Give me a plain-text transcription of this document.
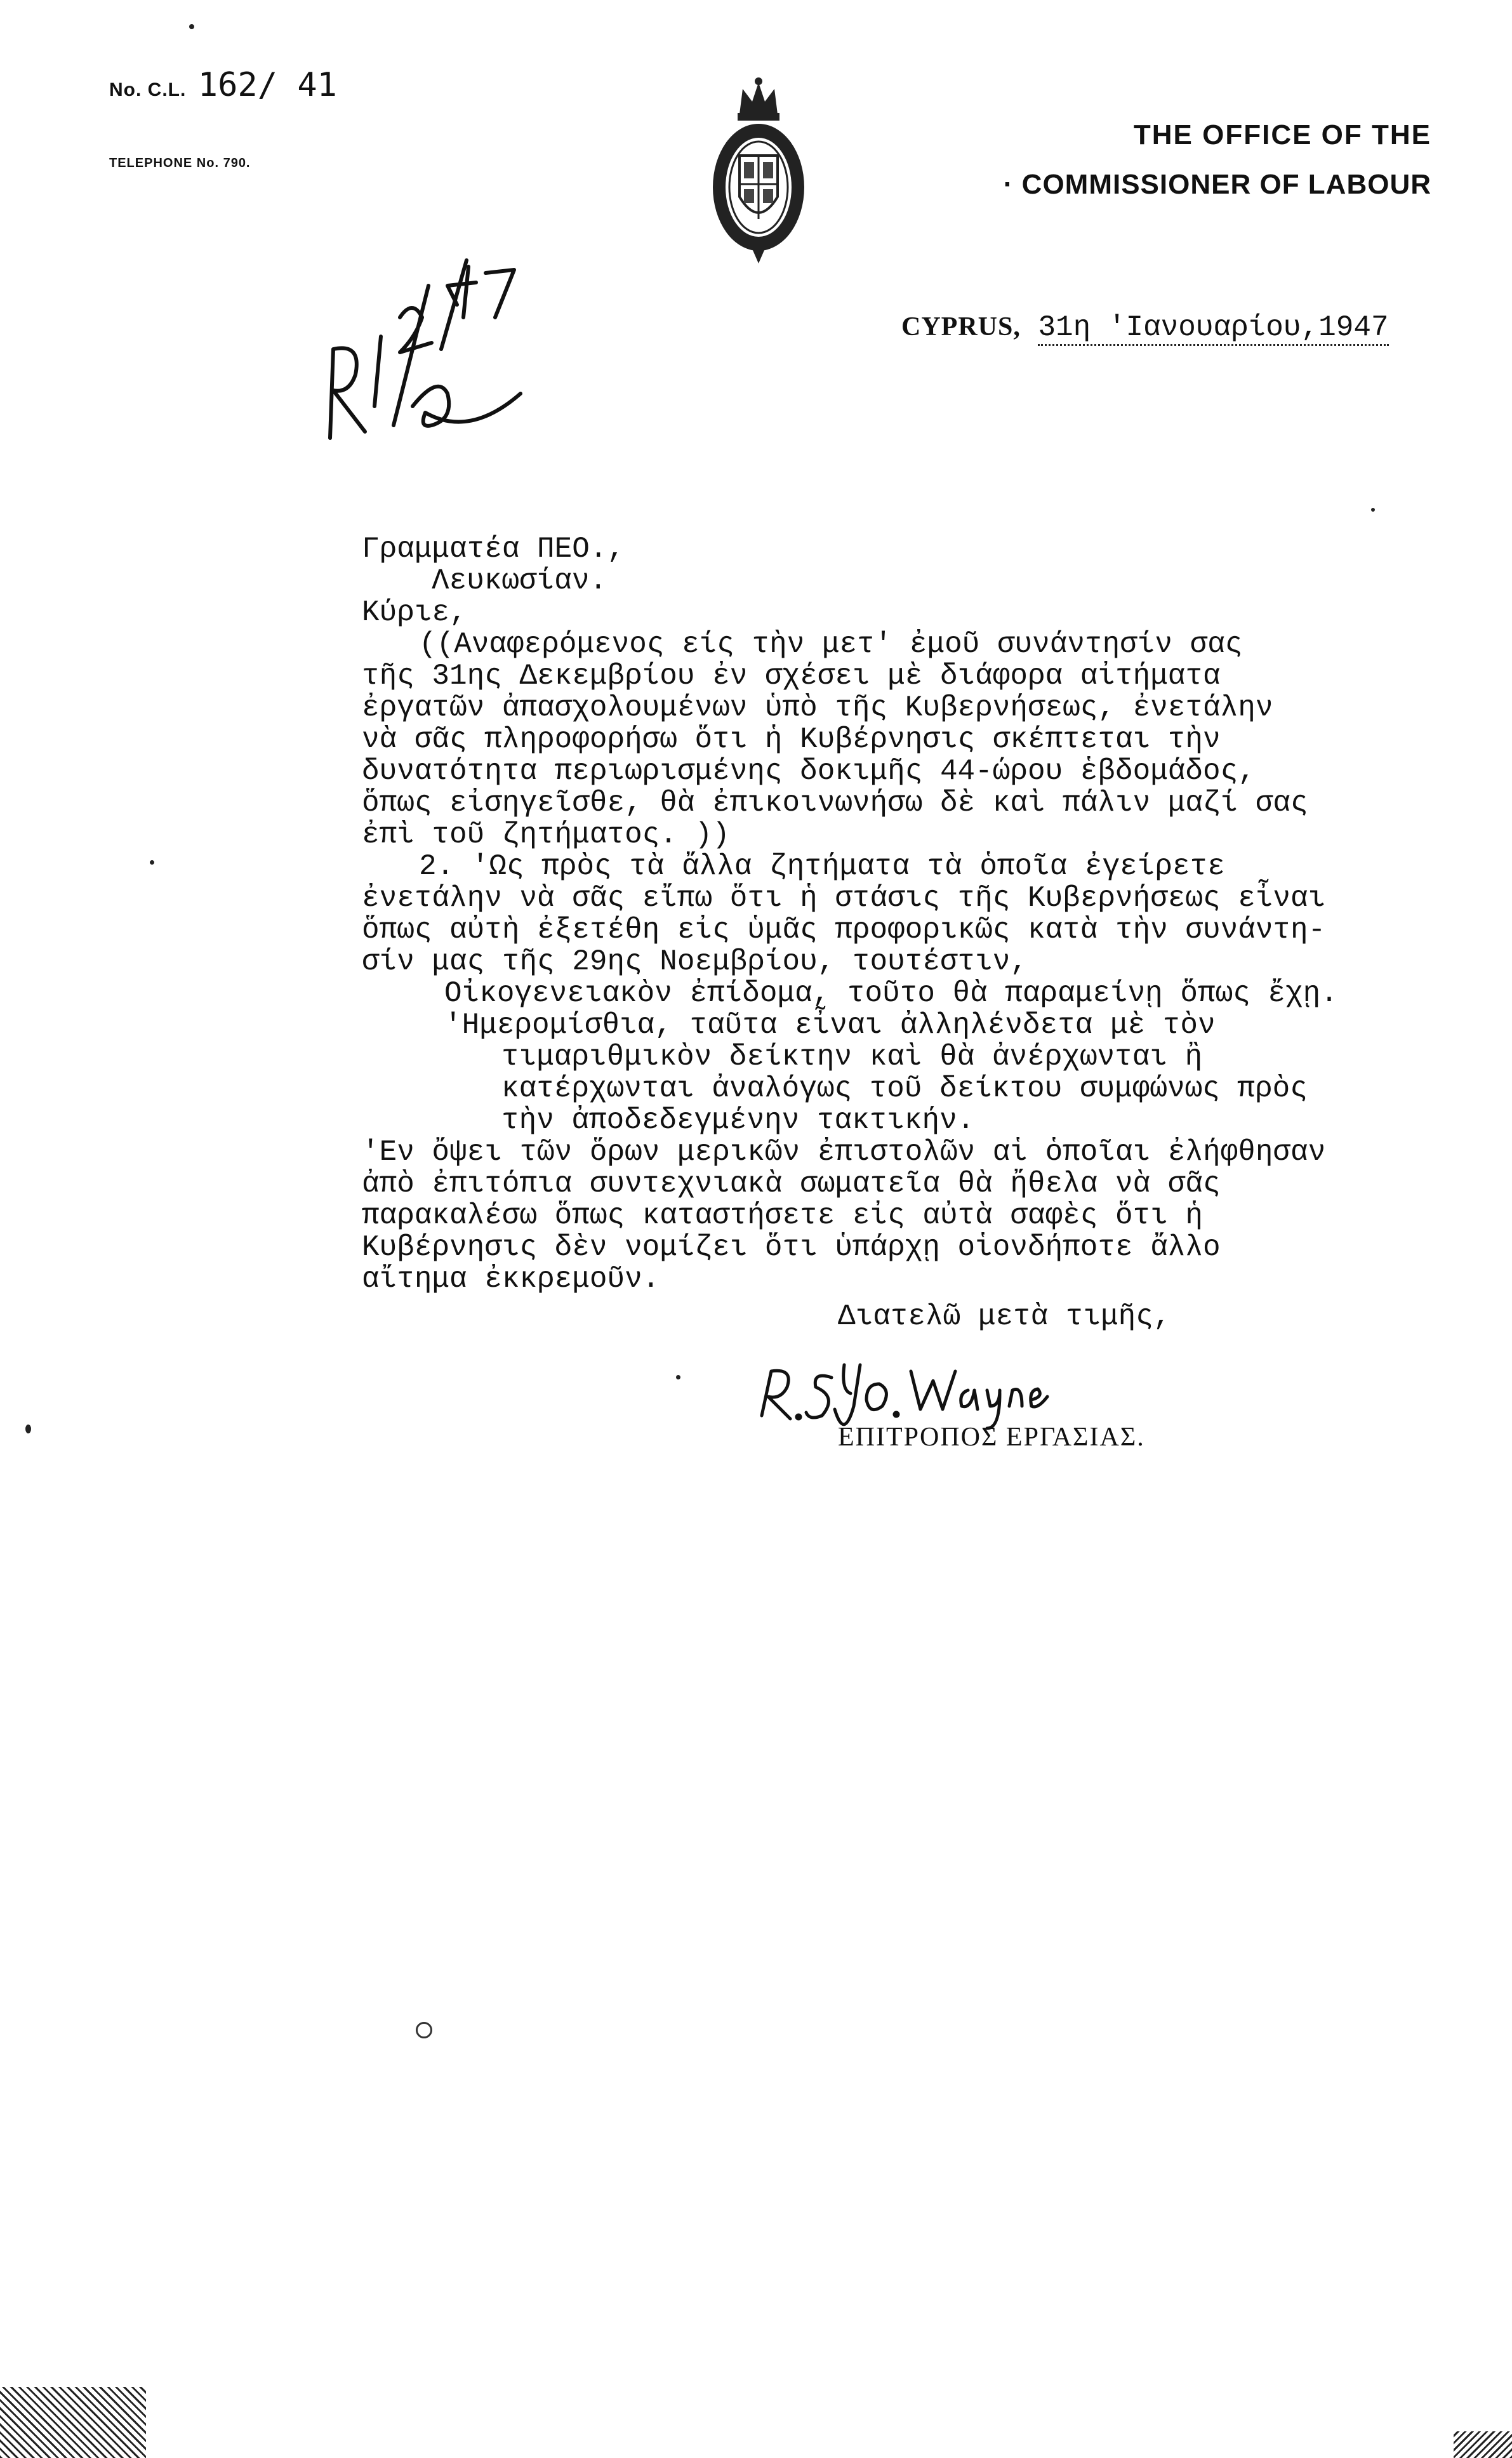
No. C.L. 162/ 41
TELEPHONE No. 790.
THE OFFICE OF THE
· COMMISSIONER OF LABOUR
CYPRUS, 31η 'Ιανουαρίου,1947
Γραμματέα ΠΕΟ.,
Λευκωσίαν.
Κύριε,
((Αναφερόμενος είς τὴν μετ' ἐμοῦ συνάντησίν σας
τῆς 31ης Δεκεμβρίου ἐν σχέσει μὲ διάφορα αἰτήματα
ἐργατῶν ἀπασχολουμένων ὑπὸ τῆς Κυβερνήσεως, ἐνετάλην
νὰ σᾶς πληροφορήσω ὅτι ἡ Κυβέρνησις σκέπτεται τὴν
δυνατότητα περιωρισμένης δοκιμῆς 44-ώρου ἑβδομάδος,
ὅπως εἰσηγεῖσθε, θὰ ἐπικοινωνήσω δὲ καὶ πάλιν μαζί σας
ἐπὶ τοῦ ζητήματος. ))
2. 'Ως πρὸς τὰ ἄλλα ζητήματα τὰ ὁποῖα ἐγείρετε
ἐνετάλην νὰ σᾶς εἴπω ὅτι ἡ στάσις τῆς Κυβερνήσεως εἶναι
ὅπως αὐτὴ ἐξετέθη εἰς ὑμᾶς προφορικῶς κατὰ τὴν συνάντη-
σίν μας τῆς 29ης Νοεμβρίου, τουτέστιν,
Οἰκογενειακὸν ἐπίδομα, τοῦτο θὰ παραμείνῃ ὅπως ἔχῃ.
'Ημερομίσθια, ταῦτα εἶναι ἀλληλένδετα μὲ τὸν
τιμαριθμικὸν δείκτην καὶ θὰ ἀνέρχωνται ἢ
κατέρχωνται ἀναλόγως τοῦ δείκτου συμφώνως πρὸς
τὴν ἀποδεδεγμένην τακτικήν.
'Εν ὄψει τῶν ὅρων μερικῶν ἐπιστολῶν αἱ ὁποῖαι ἐλήφθησαν
ἀπὸ ἐπιτόπια συντεχνιακὰ σωματεῖα θὰ ἤθελα νὰ σᾶς
παρακαλέσω ὅπως καταστήσετε εἰς αὐτὰ σαφὲς ὅτι ἡ
Κυβέρνησις δὲν νομίζει ὅτι ὑπάρχῃ οἱονδήποτε ἄλλο
αἴτημα ἐκκρεμοῦν.
Διατελῶ μετὰ τιμῆς,
ΕΠΙΤΡΟΠΟΣ ΕΡΓΑΣΙΑΣ.
